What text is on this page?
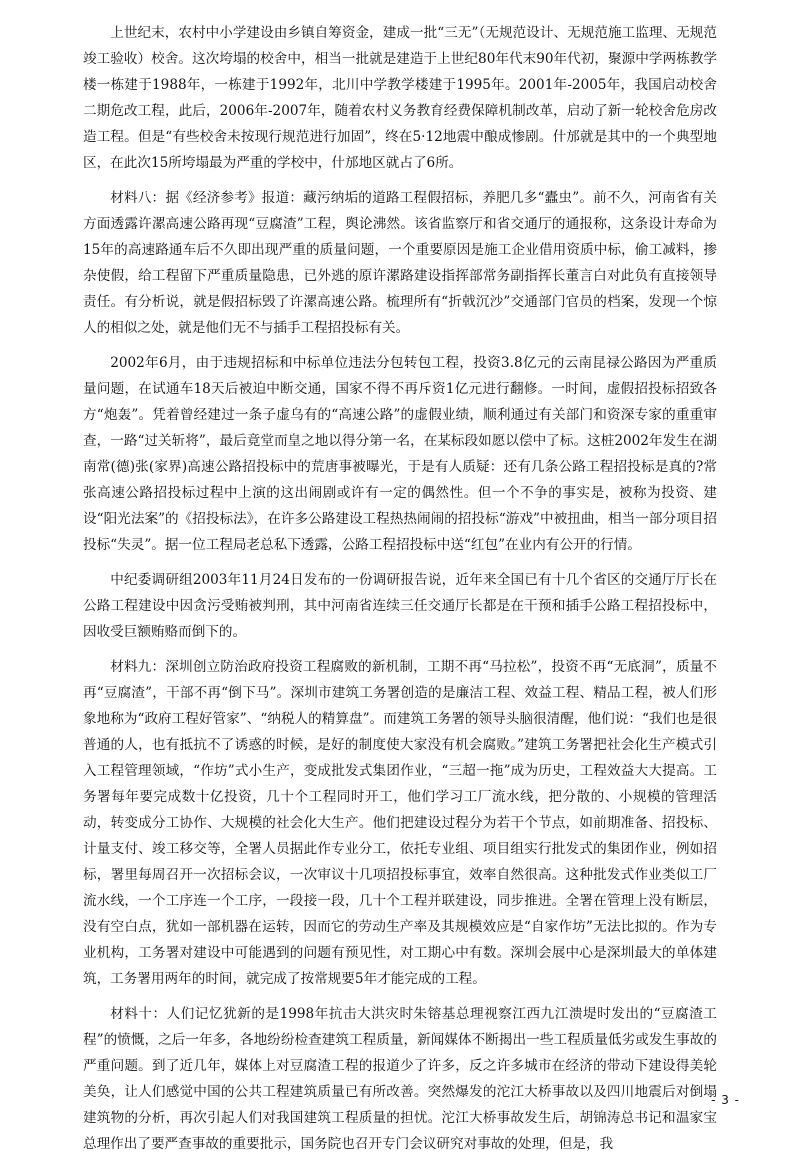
上世纪末，农村中小学建设由乡镇自筹资金，建成一批“三无”（无规范设计、无规范施工监理、无规范竣工验收）校舍。这次垮塌的校舍中，相当一批就是建造于上世纪80年代末90年代初，聚源中学两栋教学楼一栋建于1988年，一栋建于1992年，北川中学教学楼建于1995年。2001年-2005年，我国启动校舍二期危改工程，此后，2006年-2007年，随着农村义务教育经费保障机制改革，启动了新一轮校舍危房改造工程。但是“有些校舍未按现行规范进行加固”，终在5·12地震中酿成惨剧。什邡就是其中的一个典型地区，在此次15所垮塌最为严重的学校中，什邡地区就占了6所。

材料八：据《经济参考》报道：藏污纳垢的道路工程假招标，养肥几多“蠹虫”。前不久，河南省有关方面透露许漯高速公路再现“豆腐渣”工程，舆论沸然。该省监察厅和省交通厅的通报称，这条设计寿命为15年的高速路通车后不久即出现严重的质量问题，一个重要原因是施工企业借用资质中标，偷工减料，掺杂使假，给工程留下严重质量隐患，已外逃的原许漯路建设指挥部常务副指挥长董言白对此负有直接领导责任。有分析说，就是假招标毁了许漯高速公路。梳理所有“折戟沉沙”交通部门官员的档案，发现一个惊人的相似之处，就是他们无不与插手工程招投标有关。

2002年6月，由于违规招标和中标单位违法分包转包工程，投资3.8亿元的云南昆禄公路因为严重质量问题，在试通车18天后被迫中断交通，国家不得不再斥资1亿元进行翻修。一时间，虚假招投标招致各方“炮轰”。凭着曾经建过一条子虚乌有的“高速公路”的虚假业绩，顺利通过有关部门和资深专家的重重审查，一路“过关斩将”，最后竟堂而皇之地以得分第一名，在某标段如愿以偿中了标。这桩2002年发生在湖南常(德)张(家界)高速公路招投标中的荒唐事被曝光，于是有人质疑：还有几条公路工程招投标是真的?常张高速公路招投标过程中上演的这出闹剧或许有一定的偶然性。但一个不争的事实是，被称为投资、建设“阳光法案”的《招投标法》，在许多公路建设工程热热闹闹的招投标“游戏”中被扭曲，相当一部分项目招投标“失灵”。据一位工程局老总私下透露，公路工程招投标中送“红包”在业内有公开的行情。

中纪委调研组2003年11月24日发布的一份调研报告说，近年来全国已有十几个省区的交通厅厅长在公路工程建设中因贪污受贿被判刑，其中河南省连续三任交通厅长都是在干预和插手公路工程招投标中，因收受巨额贿赂而倒下的。

材料九：深圳创立防治政府投资工程腐败的新机制，工期不再“马拉松”，投资不再“无底洞”，质量不再“豆腐渣”，干部不再“倒下马”。深圳市建筑工务署创造的是廉洁工程、效益工程、精品工程，被人们形象地称为“政府工程好管家”、“纳税人的精算盘”。而建筑工务署的领导头脑很清醒，他们说：“我们也是很普通的人，也有抵抗不了诱惑的时候，是好的制度使大家没有机会腐败。”建筑工务署把社会化生产模式引入工程管理领域，“作坊”式小生产，变成批发式集团作业，“三超一拖”成为历史，工程效益大大提高。工务署每年要完成数十亿投资，几十个工程同时开工，他们学习工厂流水线，把分散的、小规模的管理活动，转变成分工协作、大规模的社会化大生产。他们把建设过程分为若干个节点，如前期准备、招投标、计量支付、竣工移交等，全署人员据此作专业分工，依托专业组、项目组实行批发式的集团作业，例如招标，署里每周召开一次招标会议，一次审议十几项招投标事宜，效率自然很高。这种批发式作业类似工厂流水线，一个工序连一个工序，一段接一段，几十个工程并联建设，同步推进。全署在管理上没有断层，没有空白点，犹如一部机器在运转，因而它的劳动生产率及其规模效应是“自家作坊”无法比拟的。作为专业机构，工务署对建设中可能遇到的问题有预见性，对工期心中有数。深圳会展中心是深圳最大的单体建筑，工务署用两年的时间，就完成了按常规要5年才能完成的工程。

材料十：人们记忆犹新的是1998年抗击大洪灾时朱镕基总理视察江西九江溃堤时发出的“豆腐渣工程”的愤慨，之后一年多，各地纷纷检查建筑工程质量，新闻媒体不断揭出一些工程质量低劣或发生事故的严重问题。到了近几年，媒体上对豆腐渣工程的报道少了许多，反之许多城市在经济的带动下建设得美轮美奂，让人们感觉中国的公共工程建筑质量已有所改善。突然爆发的沱江大桥事故以及四川地震后对倒塌建筑物的分析，再次引起人们对我国建筑工程质量的担忧。沱江大桥事故发生后，胡锦涛总书记和温家宝总理作出了要严查事故的重要批示，国务院也召开专门会议研究对事故的处理，但是，我

- 3 -
